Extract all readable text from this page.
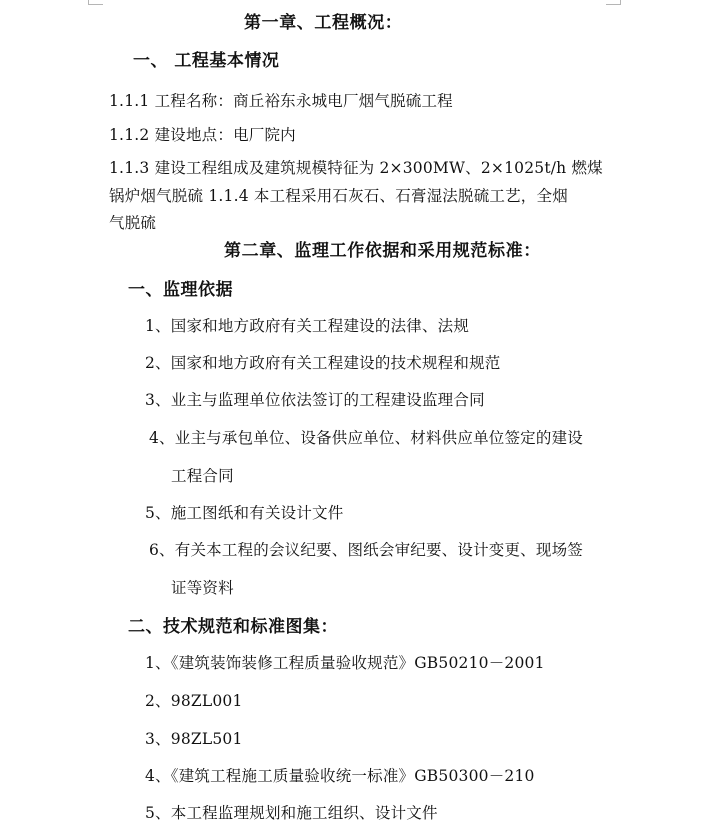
第一章、工程概况：
一、 工程基本情况
1.1.1 工程名称：商丘裕东永城电厂烟气脱硫工程
1.1.2 建设地点：电厂院内
1.1.3 建设工程组成及建筑规模特征为 2×300MW、2×1025t/h 燃煤
锅炉烟气脱硫 1.1.4 本工程采用石灰石、石膏湿法脱硫工艺，全烟
气脱硫
第二章、监理工作依据和采用规范标准：
一、监理依据
1、国家和地方政府有关工程建设的法律、法规
2、国家和地方政府有关工程建设的技术规程和规范
3、业主与监理单位依法签订的工程建设监理合同
4、业主与承包单位、设备供应单位、材料供应单位签定的建设
工程合同
5、施工图纸和有关设计文件
6、有关本工程的会议纪要、图纸会审纪要、设计变更、现场签
证等资料
二、技术规范和标准图集：
1、《建筑装饰装修工程质量验收规范》GB50210－2001
2、98ZL001
3、98ZL501
4、《建筑工程施工质量验收统一标准》GB50300－210
5、本工程监理规划和施工组织、设计文件
